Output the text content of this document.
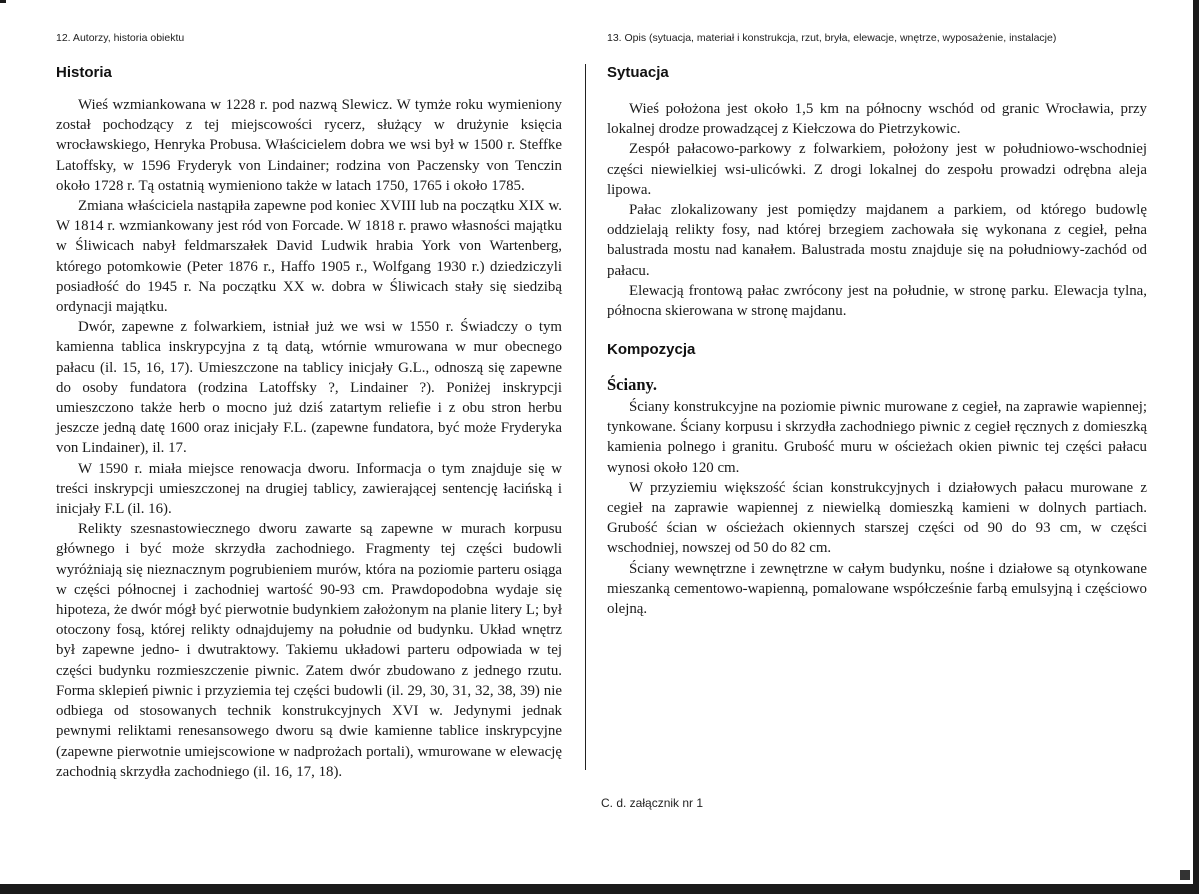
12. Autorzy, historia obiektu
Historia

Wieś wzmiankowana w 1228 r. pod nazwą Slewicz. W tymże roku wymieniony został pochodzący z tej miejscowości rycerz, służący w drużynie księcia wrocławskiego, Henryka Probusa. Właścicielem dobra we wsi był w 1500 r. Steffke Latoffsky, w 1596 Fryderyk von Lindainer; rodzina von Paczensky von Tenczin około 1728 r. Tą ostatnią wymieniono także w latach 1750, 1765 i około 1785.

Zmiana właściciela nastąpiła zapewne pod koniec XVIII lub na początku XIX w. W 1814 r. wzmiankowany jest ród von Forcade. W 1818 r. prawo własności majątku w Śliwicach nabył feldmarszałek David Ludwik hrabia York von Wartenberg, którego potomkowie (Peter 1876 r., Haffo 1905 r., Wolfgang 1930 r.) dziedziczyli posiadłość do 1945 r. Na początku XX w. dobra w Śliwicach stały się siedzibą ordynacji majątku.

Dwór, zapewne z folwarkiem, istniał już we wsi w 1550 r. Świadczy o tym kamienna tablica inskrypcyjna z tą datą, wtórnie wmurowana w mur obecnego pałacu (il. 15, 16, 17). Umieszczone na tablicy inicjały G.L., odnoszą się zapewne do osoby fundatora (rodzina Latoffsky ?, Lindainer ?). Poniżej inskrypcji umieszczono także herb o mocno już dziś zatartym reliefie i z obu stron herbu jeszcze jedną datę 1600 oraz inicjały F.L. (zapewne fundatora, być może Fryderyka von Lindainer), il. 17.

W 1590 r. miała miejsce renowacja dworu. Informacja o tym znajduje się w treści inskrypcji umieszczonej na drugiej tablicy, zawierającej sentencję łacińską i inicjały F.L (il. 16).

Relikty szesnastowiecznego dworu zawarte są zapewne w murach korpusu głównego i być może skrzydła zachodniego. Fragmenty tej części budowli wyróżniają się nieznacznym pogrubieniem murów, która na poziomie parteru osiąga w części północnej i zachodniej wartość 90-93 cm. Prawdopodobna wydaje się hipoteza, że dwór mógł być pierwotnie budynkiem założonym na planie litery L; był otoczony fosą, której relikty odnajdujemy na południe od budynku. Układ wnętrz był zapewne jedno- i dwutraktowy. Takiemu układowi parteru odpowiada w tej części budynku rozmieszczenie piwnic. Zatem dwór zbudowano z jednego rzutu. Forma sklepień piwnic i przyziemia tej części budowli (il. 29, 30, 31, 32, 38, 39) nie odbiega od stosowanych technik konstrukcyjnych XVI w. Jedynymi jednak pewnymi reliktami renesansowego dworu są dwie kamienne tablice inskrypcyjne (zapewne pierwotnie umiejscowione w nadprożach portali), wmurowane w elewację zachodnią skrzydła zachodniego (il. 16, 17, 18).

13. Opis (sytuacja, materiał i konstrukcja, rzut, bryła, elewacje, wnętrze, wyposażenie, instalacje)
Sytuacja

Wieś położona jest około 1,5 km na północny wschód od granic Wrocławia, przy lokalnej drodze prowadzącej z Kiełczowa do Pietrzykowic.

Zespół pałacowo-parkowy z folwarkiem, położony jest w południowo-wschodniej części niewielkiej wsi-ulicówki. Z drogi lokalnej do zespołu prowadzi odrębna aleja lipowa.

Pałac zlokalizowany jest pomiędzy majdanem a parkiem, od którego budowlę oddzielają relikty fosy, nad której brzegiem zachowała się wykonana z cegieł, pełna balustrada mostu nad kanałem. Balustrada mostu znajduje się na południowy-zachód od pałacu.

Elewacją frontową pałac zwrócony jest na południe, w stronę parku. Elewacja tylna, północna skierowana w stronę majdanu.

Kompozycja
Ściany.

Ściany konstrukcyjne na poziomie piwnic murowane z cegieł, na zaprawie wapiennej; tynkowane. Ściany korpusu i skrzydła zachodniego piwnic z cegieł ręcznych z domieszką kamienia polnego i granitu. Grubość muru w ościeżach okien piwnic tej części pałacu wynosi około 120 cm.

W przyziemiu większość ścian konstrukcyjnych i działowych pałacu murowane z cegieł na zaprawie wapiennej z niewielką domieszką kamieni w dolnych partiach. Grubość ścian w ościeżach okiennych starszej części od 90 do 93 cm, w części wschodniej, nowszej od 50 do 82 cm.

Ściany wewnętrzne i zewnętrzne w całym budynku, nośne i działowe są otynkowane mieszanką cementowo-wapienną, pomalowane współcześnie farbą emulsyjną i częściowo olejną.

C. d. załącznik nr 1
